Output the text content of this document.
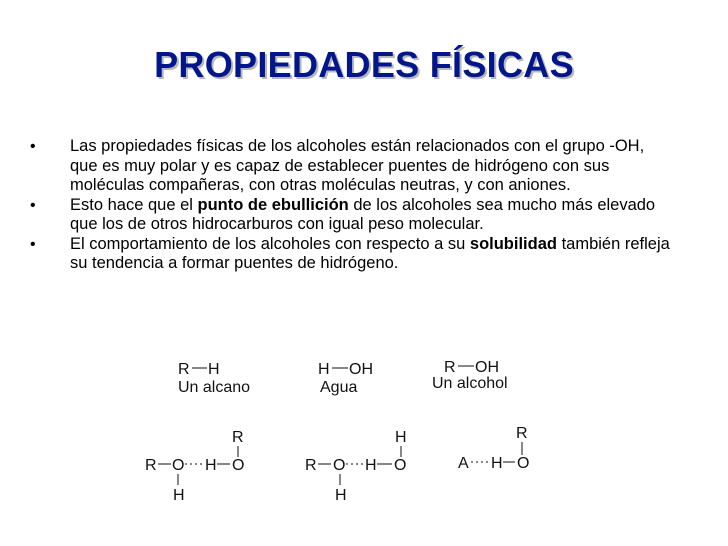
PROPIEDADES FÍSICAS
• Las propiedades físicas de los alcoholes están relacionados con el grupo -OH, que es muy polar y es capaz de establecer puentes de hidrógeno con sus moléculas compañeras, con otras moléculas neutras, y con aniones.
• Esto hace que el punto de ebullición de los alcoholes sea mucho más elevado que los de otros hidrocarburos con igual peso molecular.
• El comportamiento de los alcoholes con respecto a su solubilidad también refleja su tendencia a formar puentes de hidrógeno.
R H
Un alcano
H OH
Agua
R OH
Un alcohol
R
R O H O
H
H
R O H O
H
R
A H O
